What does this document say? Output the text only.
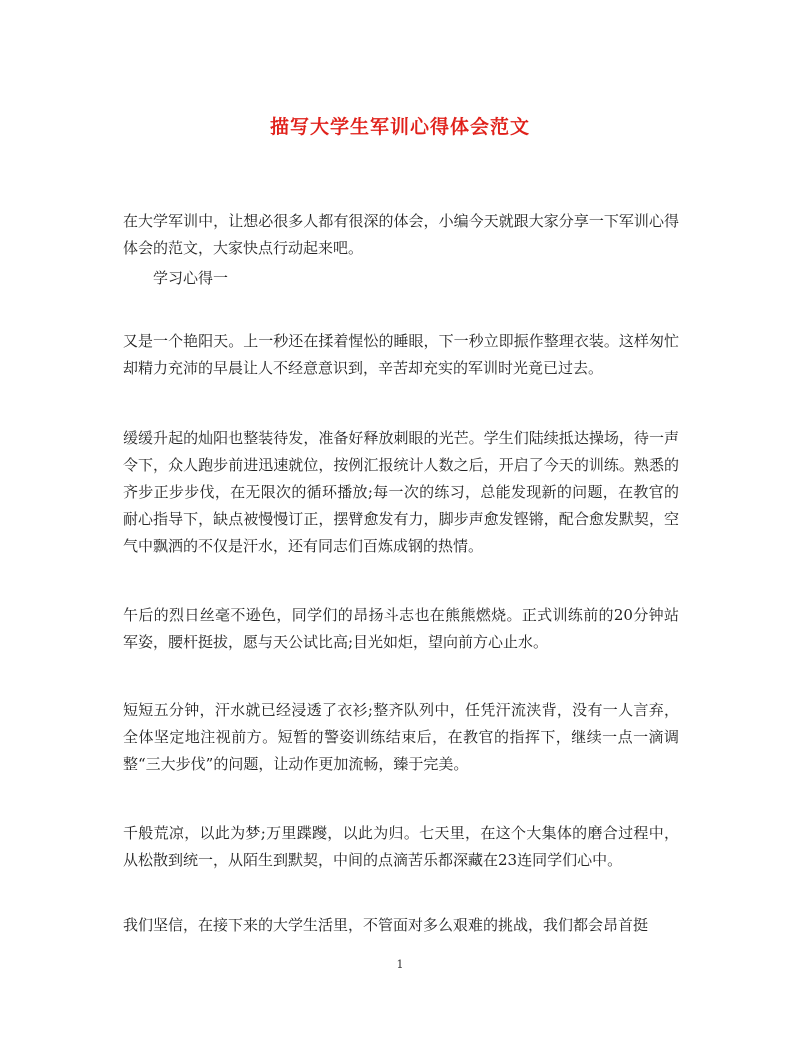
描写大学生军训心得体会范文
在大学军训中，让想必很多人都有很深的体会，小编今天就跟大家分享一下军训心得体会的范文，大家快点行动起来吧。
学习心得一
又是一个艳阳天。上一秒还在揉着惺忪的睡眼，下一秒立即振作整理衣装。这样匆忙却精力充沛的早晨让人不经意意识到，辛苦却充实的军训时光竟已过去。
缓缓升起的灿阳也整装待发，准备好释放刺眼的光芒。学生们陆续抵达操场，待一声令下，众人跑步前进迅速就位，按例汇报统计人数之后，开启了今天的训练。熟悉的齐步正步步伐，在无限次的循环播放;每一次的练习，总能发现新的问题，在教官的耐心指导下，缺点被慢慢订正，摆臂愈发有力，脚步声愈发铿锵，配合愈发默契，空气中飘洒的不仅是汗水，还有同志们百炼成钢的热情。
午后的烈日丝毫不逊色，同学们的昂扬斗志也在熊熊燃烧。正式训练前的20分钟站军姿，腰杆挺拔，愿与天公试比高;目光如炬，望向前方心止水。
短短五分钟，汗水就已经浸透了衣衫;整齐队列中，任凭汗流浃背，没有一人言弃，全体坚定地注视前方。短暂的警姿训练结束后，在教官的指挥下，继续一点一滴调整“三大步伐”的问题，让动作更加流畅，臻于完美。
千般荒凉，以此为梦;万里蹀躞，以此为归。七天里，在这个大集体的磨合过程中，从松散到统一，从陌生到默契，中间的点滴苦乐都深藏在23连同学们心中。
我们坚信，在接下来的大学生活里，不管面对多么艰难的挑战，我们都会昂首挺
1
